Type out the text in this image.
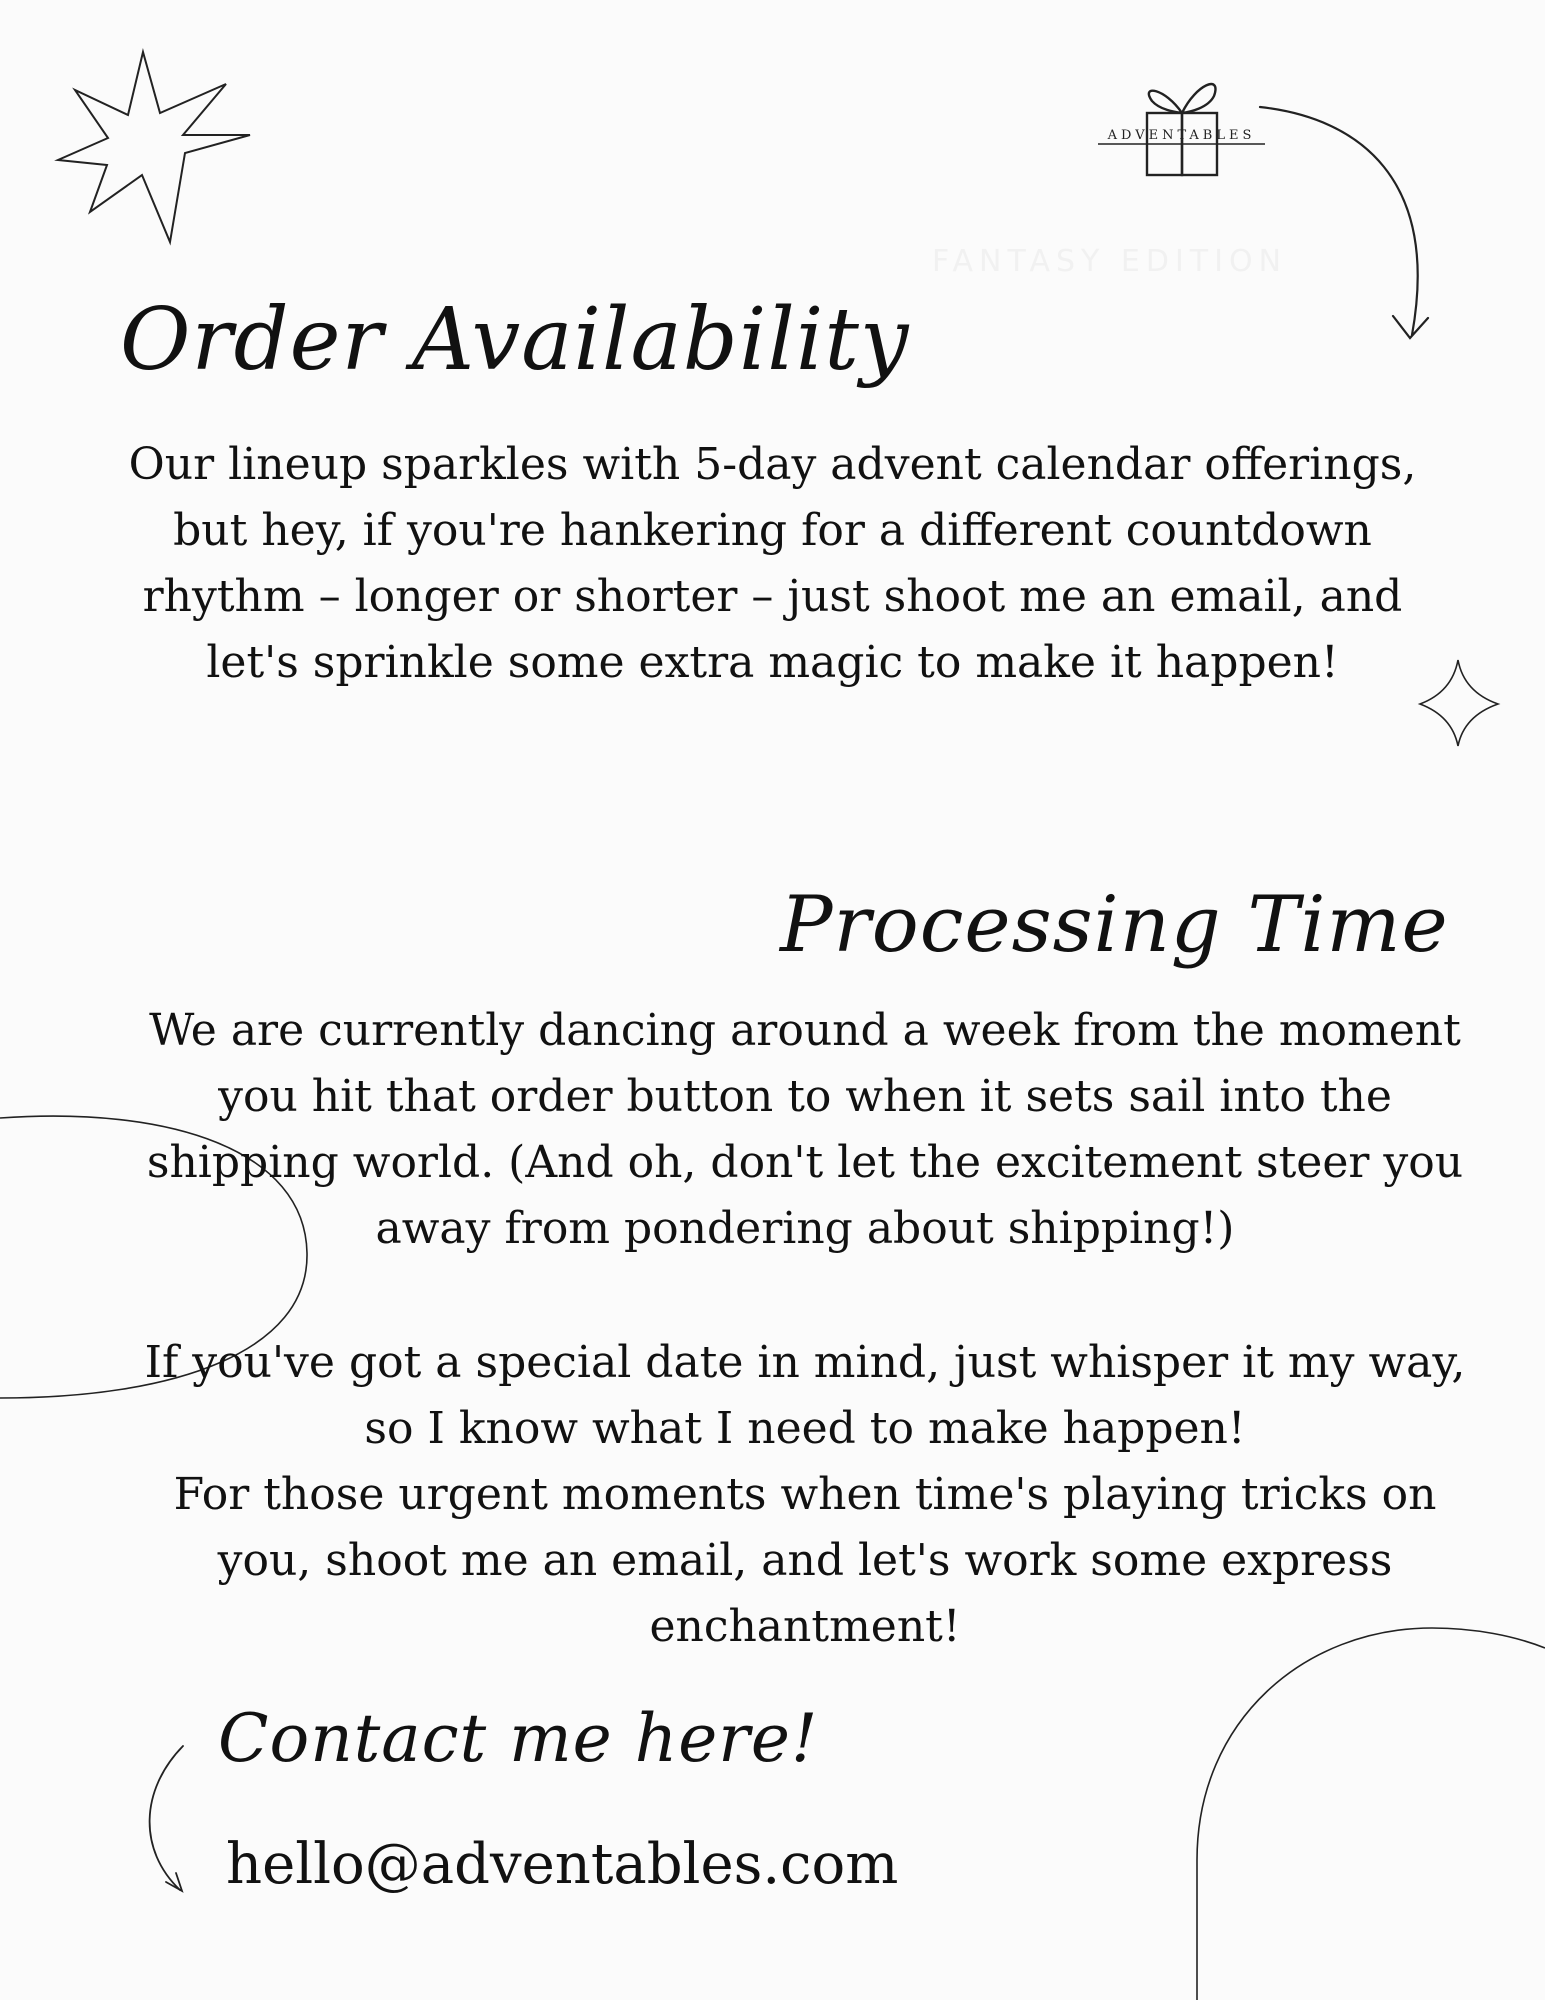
ADVENTABLES
FANTASY EDITION
Order Availability
Our lineup sparkles with 5-day advent calendar offerings,
but hey, if you're hankering for a different countdown
rhythm – longer or shorter – just shoot me an email, and
let's sprinkle some extra magic to make it happen!
Processing Time
We are currently dancing around a week from the moment
you hit that order button to when it sets sail into the
shipping world. (And oh, don't let the excitement steer you
away from pondering about shipping!)
If you've got a special date in mind, just whisper it my way,
so I know what I need to make happen!
For those urgent moments when time's playing tricks on
you, shoot me an email, and let's work some express
enchantment!
Contact me here!
hello@adventables.com
